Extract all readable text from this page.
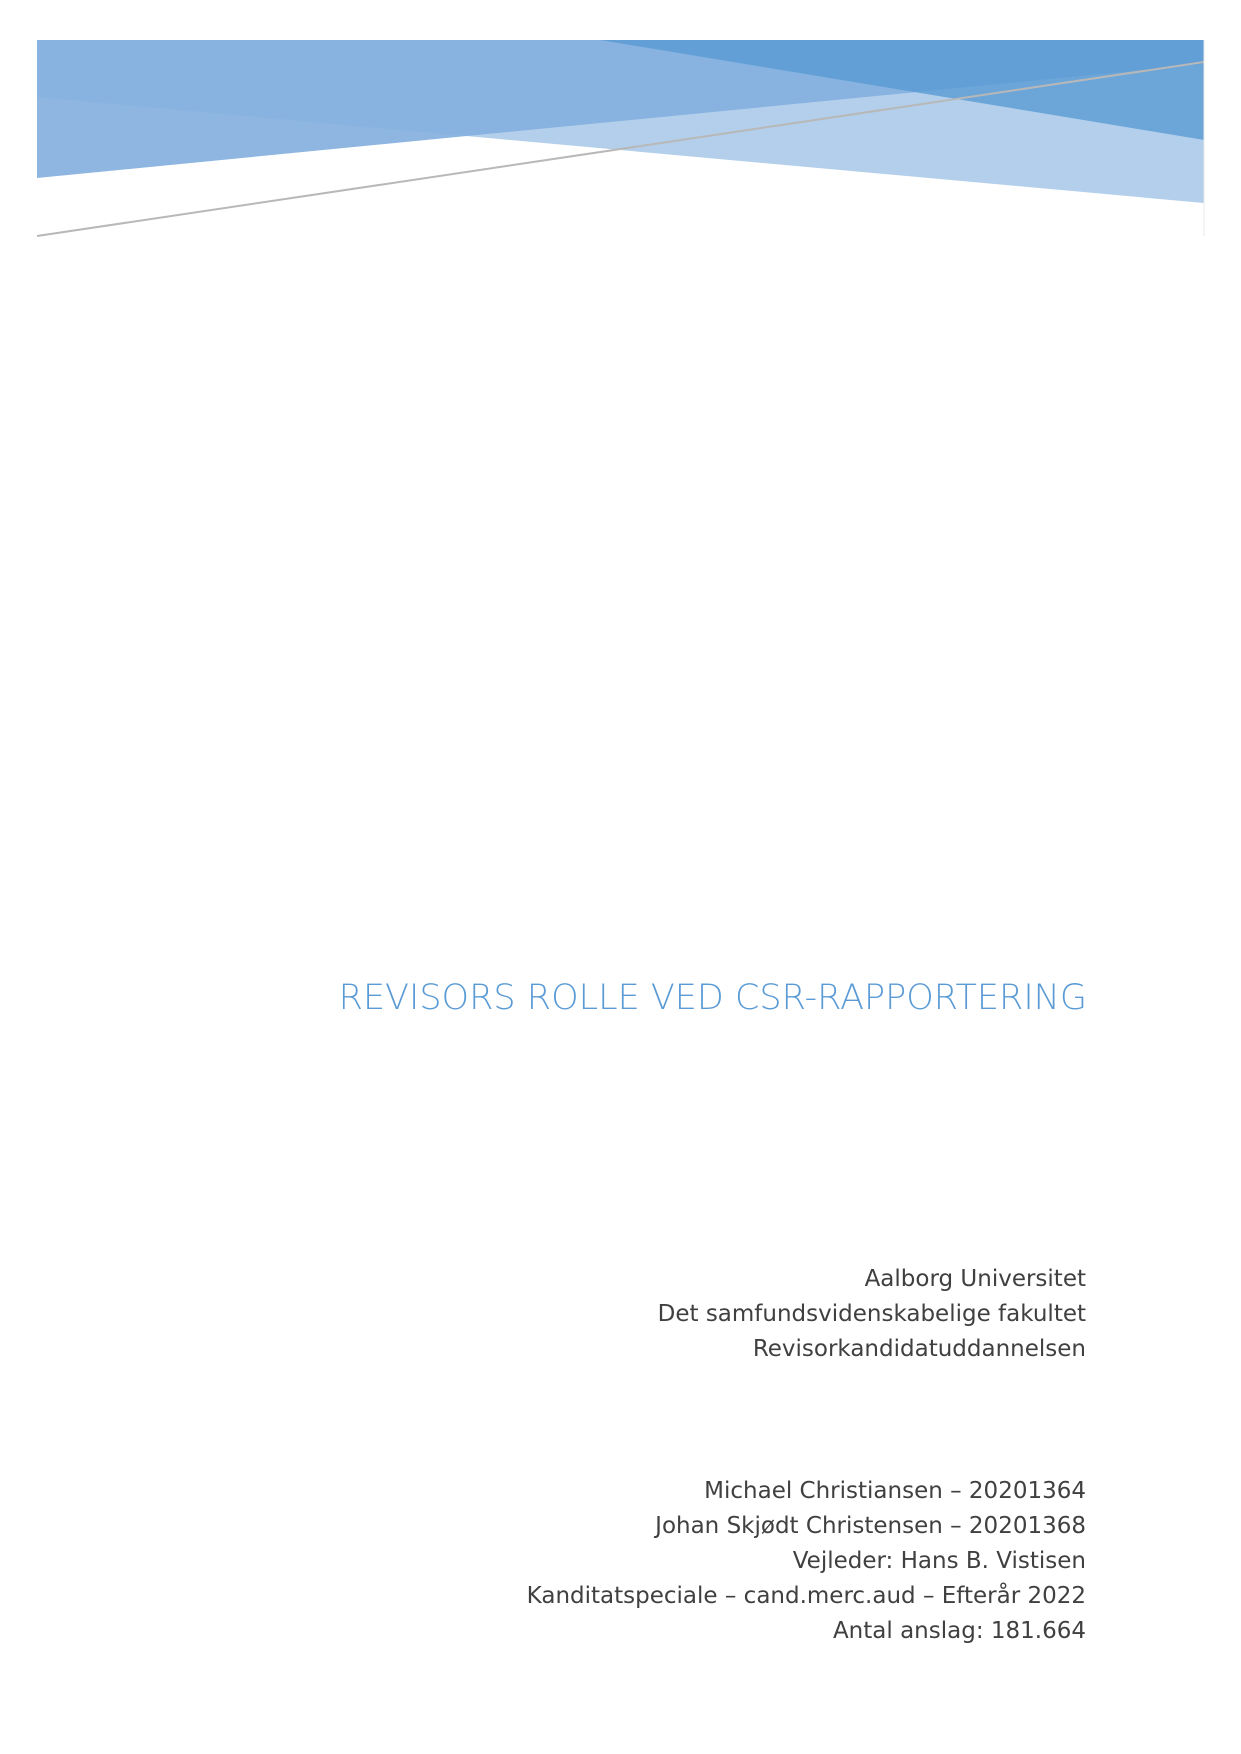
REVISORS ROLLE VED CSR-RAPPORTERING
Aalborg Universitet
Det samfundsvidenskabelige fakultet
Revisorkandidatuddannelsen
Michael Christiansen – 20201364
Johan Skjødt Christensen – 20201368
Vejleder: Hans B. Vistisen
Kanditatspeciale – cand.merc.aud – Efterår 2022
Antal anslag: 181.664
